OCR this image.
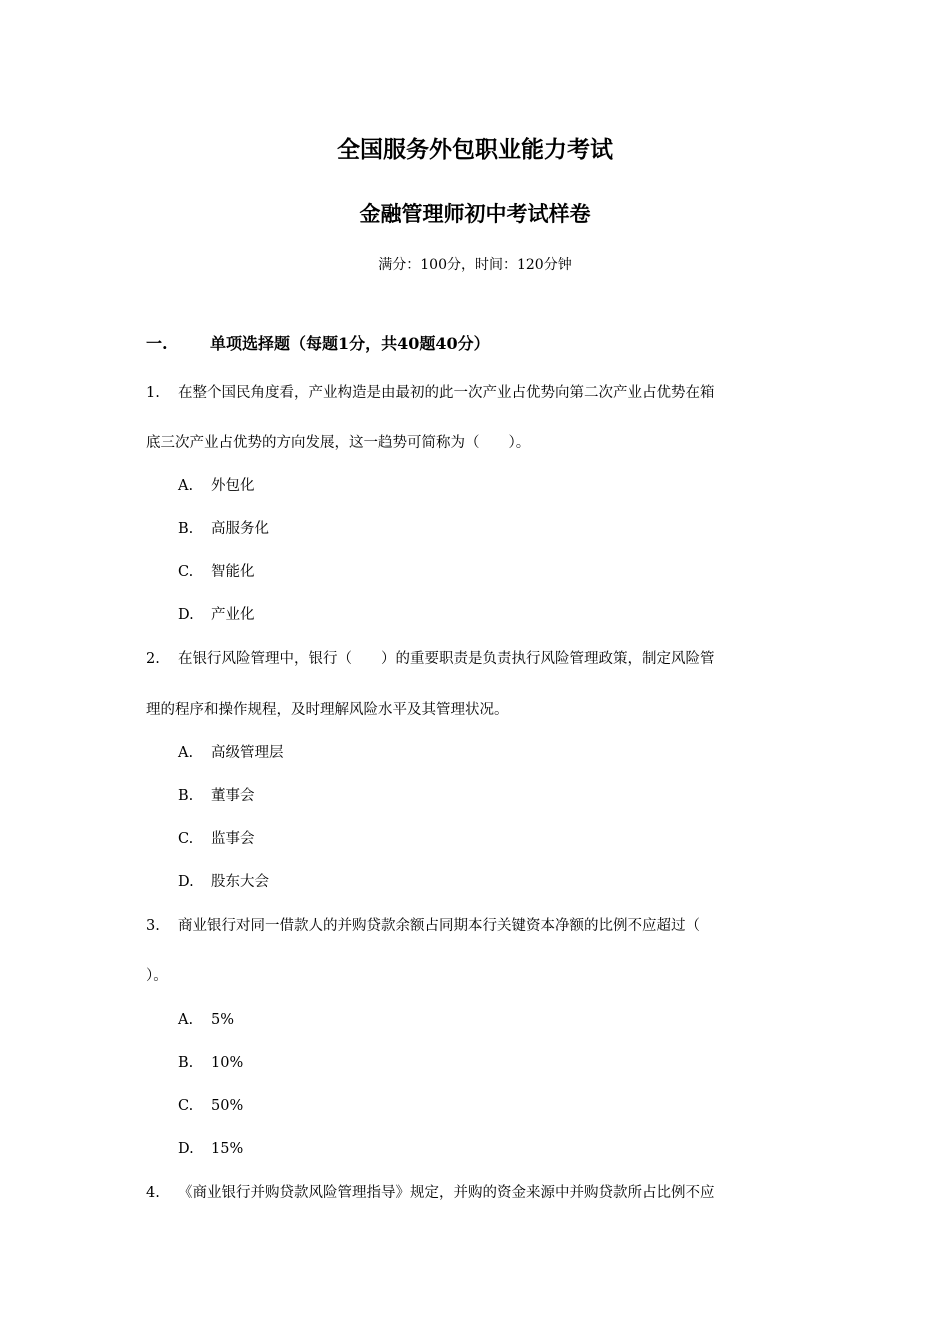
全国服务外包职业能力考试
金融管理师初中考试样卷
满分：100分，时间：120分钟
一.	单项选择题（每题1分，共40题40分）
1. 在整个国民角度看，产业构造是由最初的此一次产业占优势向第二次产业占优势在箱
底三次产业占优势的方向发展，这一趋势可简称为（　　）。
A. 外包化
B. 高服务化
C. 智能化
D. 产业化
2. 在银行风险管理中，银行（　　）的重要职责是负责执行风险管理政策，制定风险管
理的程序和操作规程，及时理解风险水平及其管理状况。
A. 高级管理层
B. 董事会
C. 监事会
D. 股东大会
3. 商业银行对同一借款人的并购贷款余额占同期本行关键资本净额的比例不应超过（
）。
A. 5%
B. 10%
C. 50%
D. 15%
4. 《商业银行并购贷款风险管理指导》规定，并购的资金来源中并购贷款所占比例不应
